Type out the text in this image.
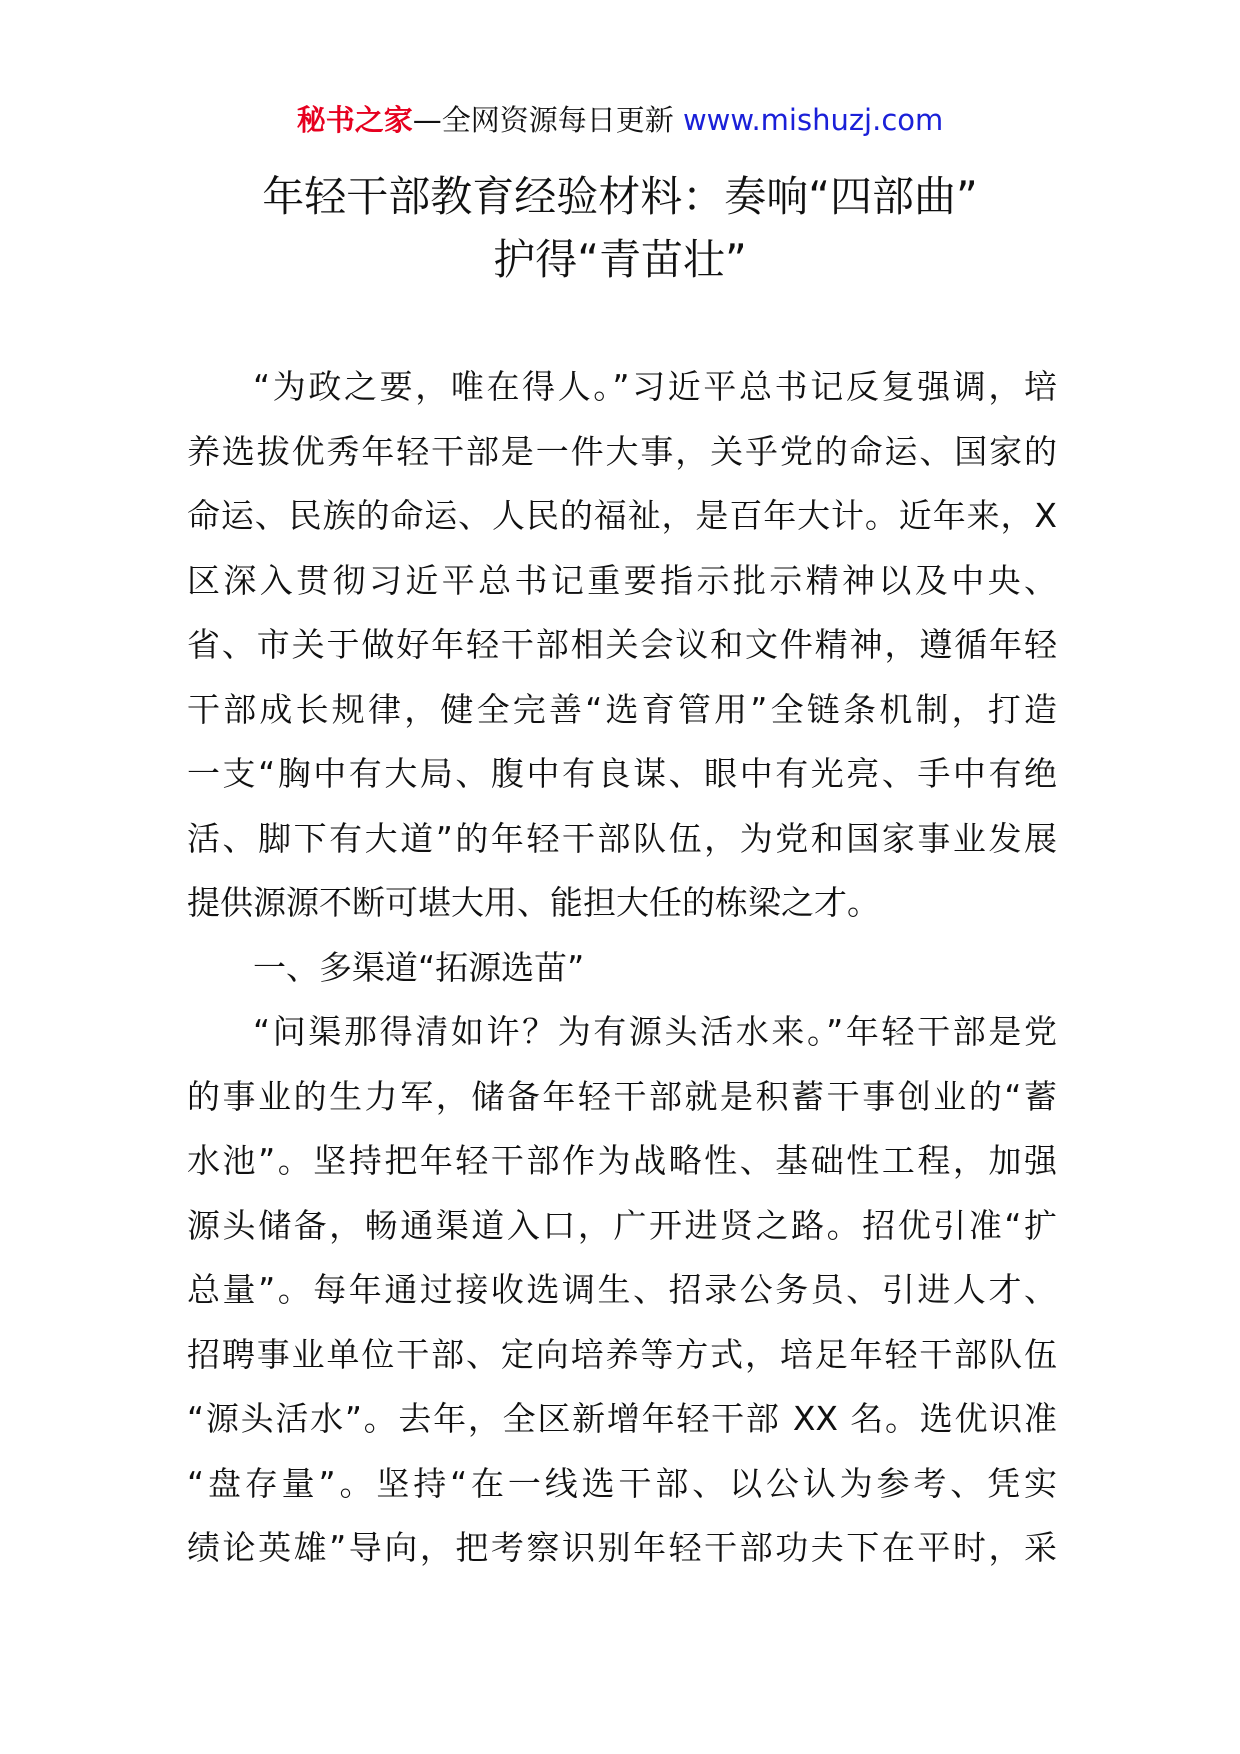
秘书之家—全网资源每日更新 www.mishuzj.com
年轻干部教育经验材料：奏响“四部曲”
护得“青苗壮”
“为政之要，唯在得人。”习近平总书记反复强调，培
养选拔优秀年轻干部是一件大事，关乎党的命运、国家的
命运、民族的命运、人民的福祉，是百年大计。近年来，X
区深入贯彻习近平总书记重要指示批示精神以及中央、
省、市关于做好年轻干部相关会议和文件精神，遵循年轻
干部成长规律，健全完善“选育管用”全链条机制，打造
一支“胸中有大局、腹中有良谋、眼中有光亮、手中有绝
活、脚下有大道”的年轻干部队伍，为党和国家事业发展
提供源源不断可堪大用、能担大任的栋梁之才。
一、多渠道“拓源选苗”
“问渠那得清如许？为有源头活水来。”年轻干部是党
的事业的生力军，储备年轻干部就是积蓄干事创业的“蓄
水池”。坚持把年轻干部作为战略性、基础性工程，加强
源头储备，畅通渠道入口，广开进贤之路。招优引准“扩
总量”。每年通过接收选调生、招录公务员、引进人才、
招聘事业单位干部、定向培养等方式，培足年轻干部队伍
“源头活水”。去年，全区新增年轻干部 XX 名。选优识准
“盘存量”。坚持“在一线选干部、以公认为参考、凭实
绩论英雄”导向，把考察识别年轻干部功夫下在平时，采
